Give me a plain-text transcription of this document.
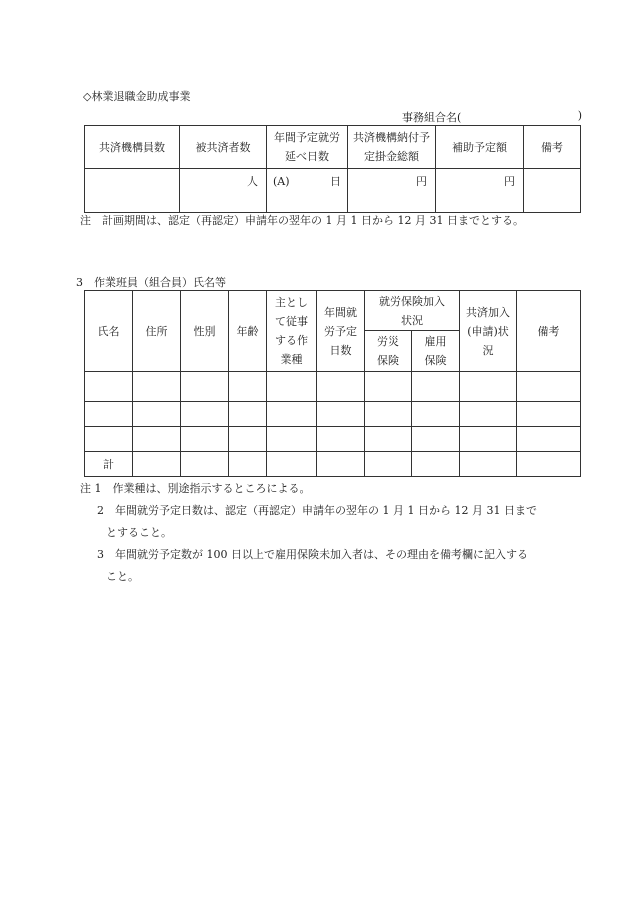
◇林業退職金助成事業
事務組合名(	)
共済機構員数	被共済者数	年間予定就労延べ日数	共済機構納付予定掛金総額	補助予定額	備考
	人	(A) 日	円	円	
注　計画期間は、認定（再認定）申請年の翌年の 1 月 1 日から 12 月 31 日までとする。
3　作業班員（組合員）氏名等
氏名	住所	性別	年齢	主として従事する作業種	年間就労予定日数	就労保険加入状況		共済加入(申請)状況	備考
						労災保険	雇用保険		

計									
注 1　作業種は、別途指示するところによる。
2　年間就労予定日数は、認定（再認定）申請年の翌年の 1 月 1 日から 12 月 31 日まで
とすること。
3　年間就労予定数が 100 日以上で雇用保険未加入者は、その理由を備考欄に記入する
こと。
